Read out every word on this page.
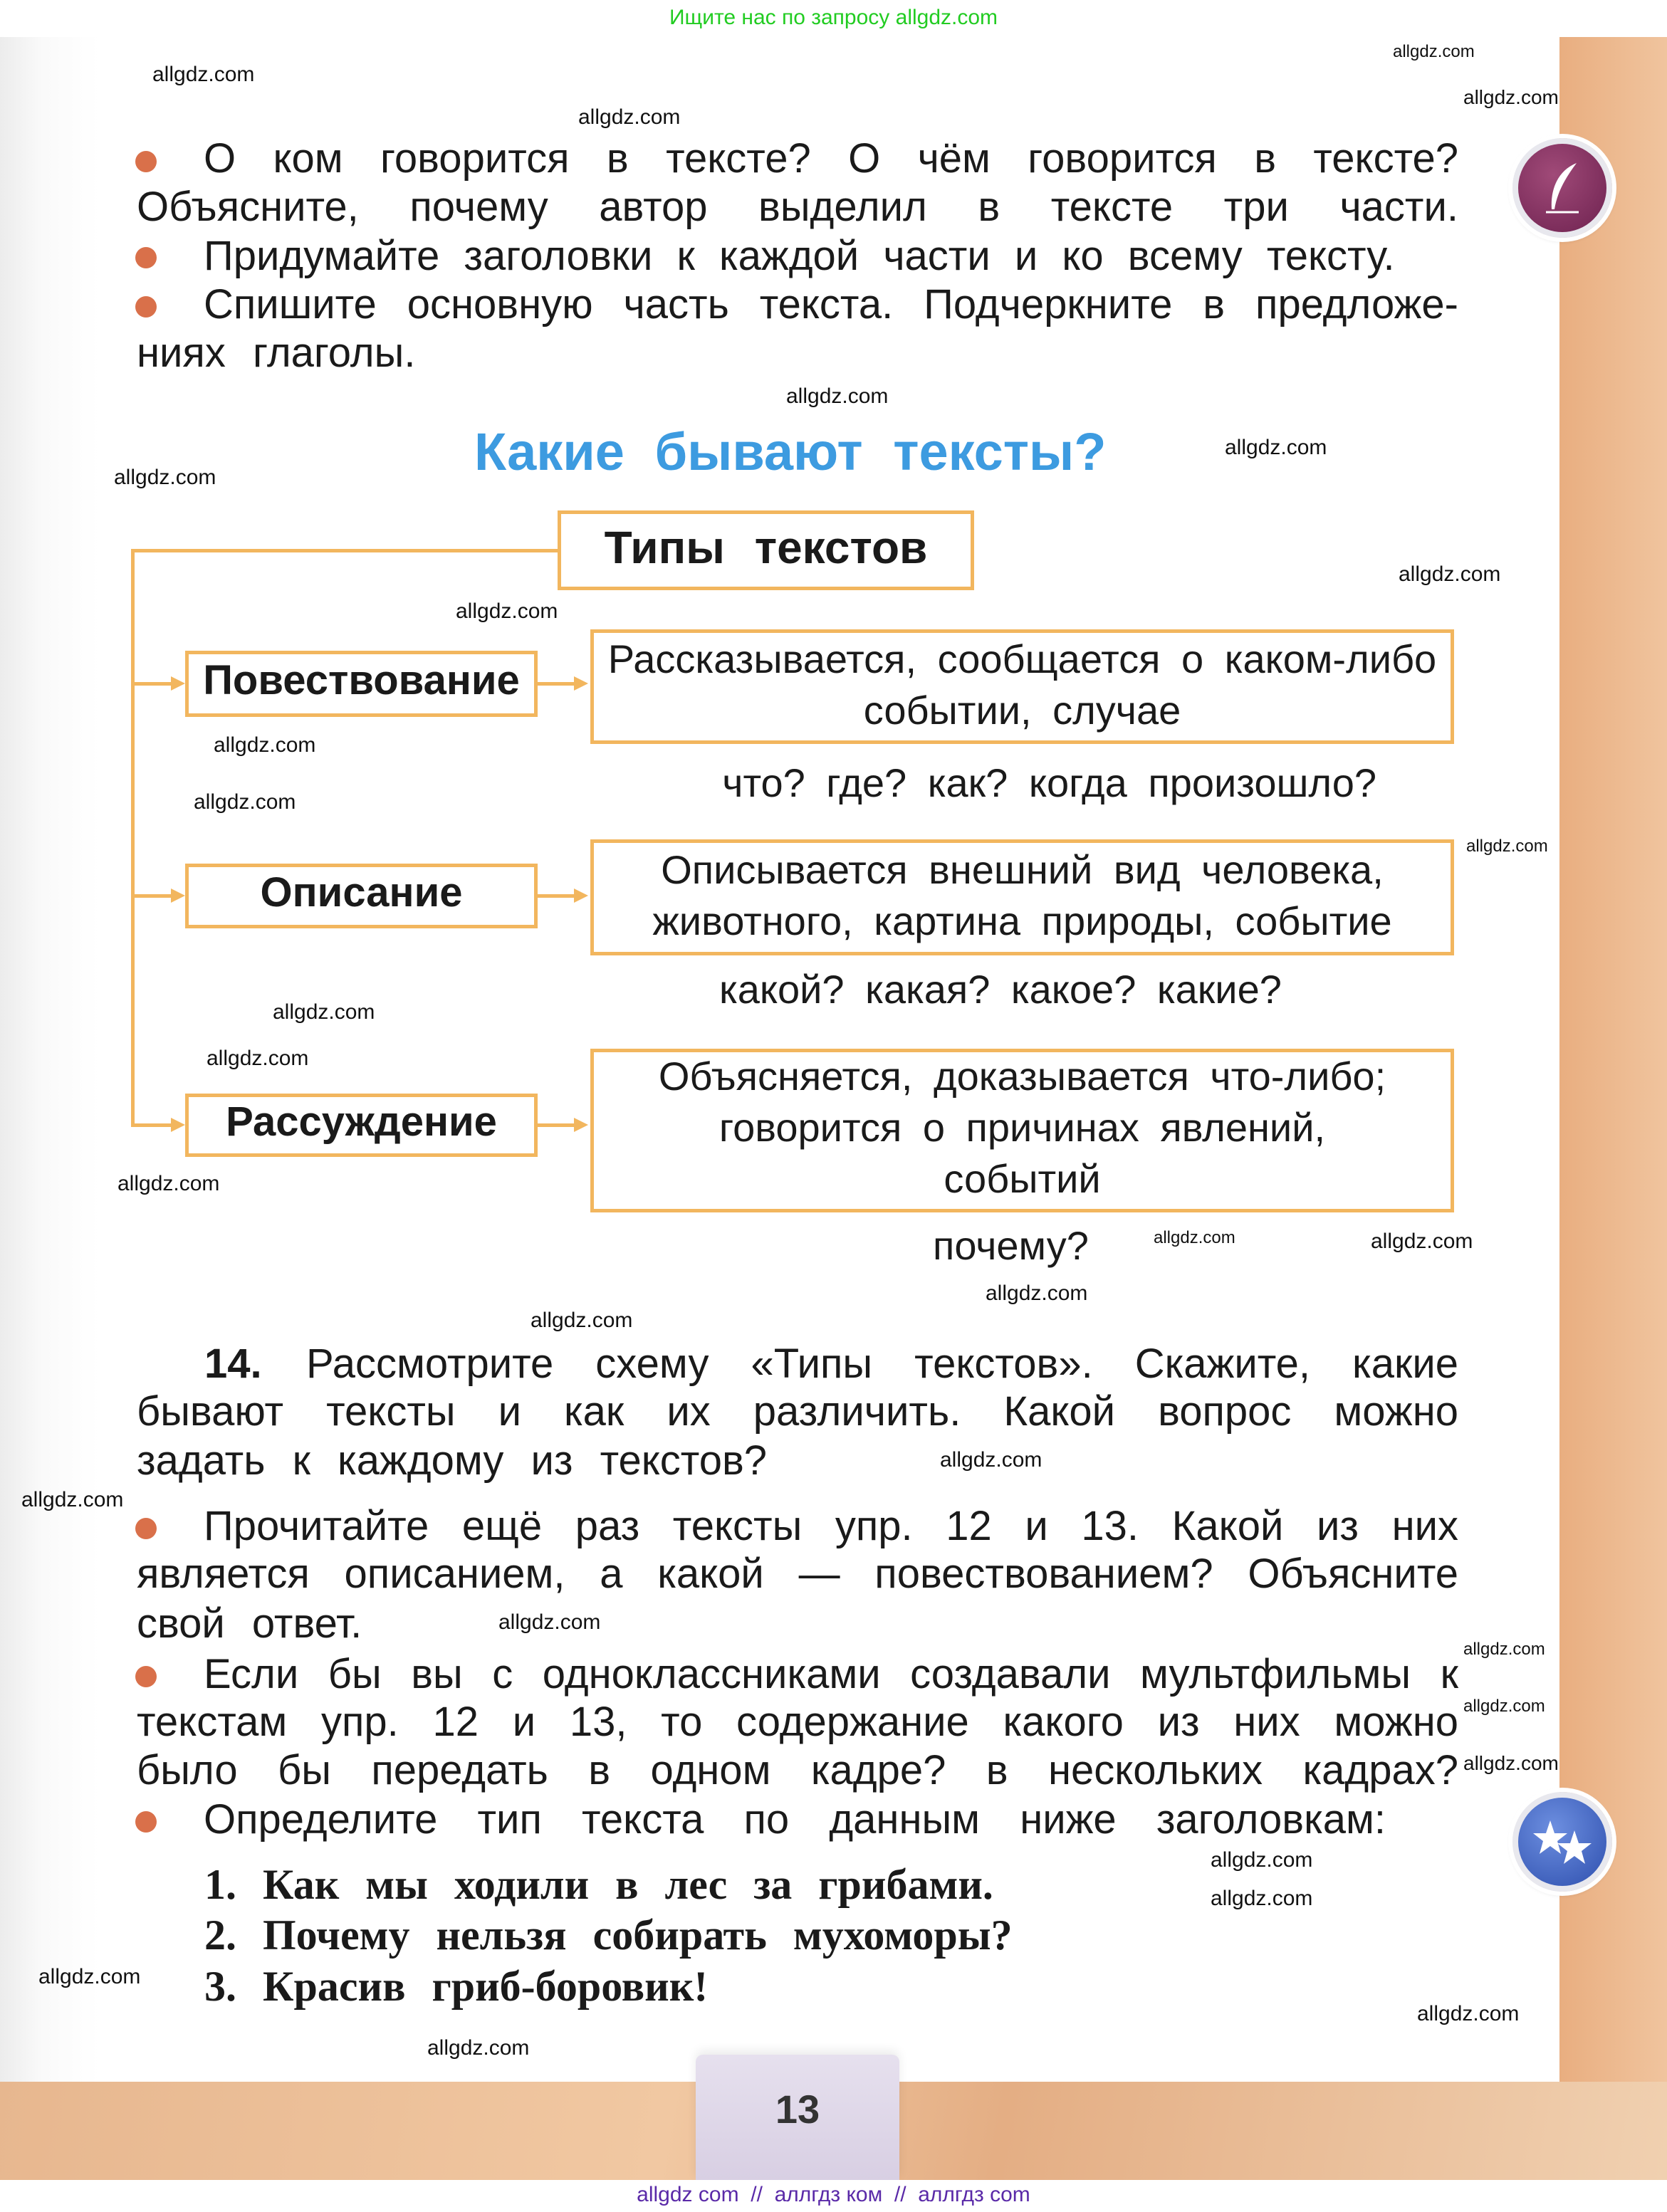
Ищите нас по запросу allgdz.com
О ком говорится в тексте? О чём говорится в тексте?
Объясните, почему автор выделил в тексте три части.
Придумайте заголовки к каждой части и ко всему тексту.
Спишите основную часть текста. Подчеркните в предложе-
ниях глаголы.
Какие бывают тексты?
Типы текстов
Повествование
Описание
Рассуждение
Рассказывается, сообщается о каком-либо
событии, случае
что? где? как? когда произошло?
Описывается внешний вид человека,
животного, картина природы, событие
какой? какая? какое? какие?
Объясняется, доказывается что-либо;
говорится о причинах явлений,
событий
почему?
14. Рассмотрите схему «Типы текстов». Скажите, какие
бывают тексты и как их различить. Какой вопрос можно
задать к каждому из текстов?
Прочитайте ещё раз тексты упр. 12 и 13. Какой из них
является описанием, а какой — повествованием? Объясните
свой ответ.
Если бы вы с одноклассниками создавали мультфильмы к
текстам упр. 12 и 13, то содержание какого из них можно
было бы передать в одном кадре? в нескольких кадрах?
Определите тип текста по данным ниже заголовкам:
1. Как мы ходили в лес за грибами.
2. Почему нельзя собирать мухоморы?
3. Красив гриб-боровик!
13
allgdz.com
allgdz.com
allgdz.com
allgdz.com
allgdz.com
allgdz.com
allgdz.com
allgdz.com
allgdz.com
allgdz.com
allgdz.com
allgdz.com
allgdz.com
allgdz.com
allgdz.com
allgdz.com
allgdz.com
allgdz.com
allgdz.com
allgdz.com
allgdz.com
allgdz.com
allgdz.com
allgdz.com
allgdz.com
allgdz.com
allgdz.com
allgdz.com
allgdz.com
allgdz.com
allgdz com  //  аллгдз ком  //  аллгдз com
